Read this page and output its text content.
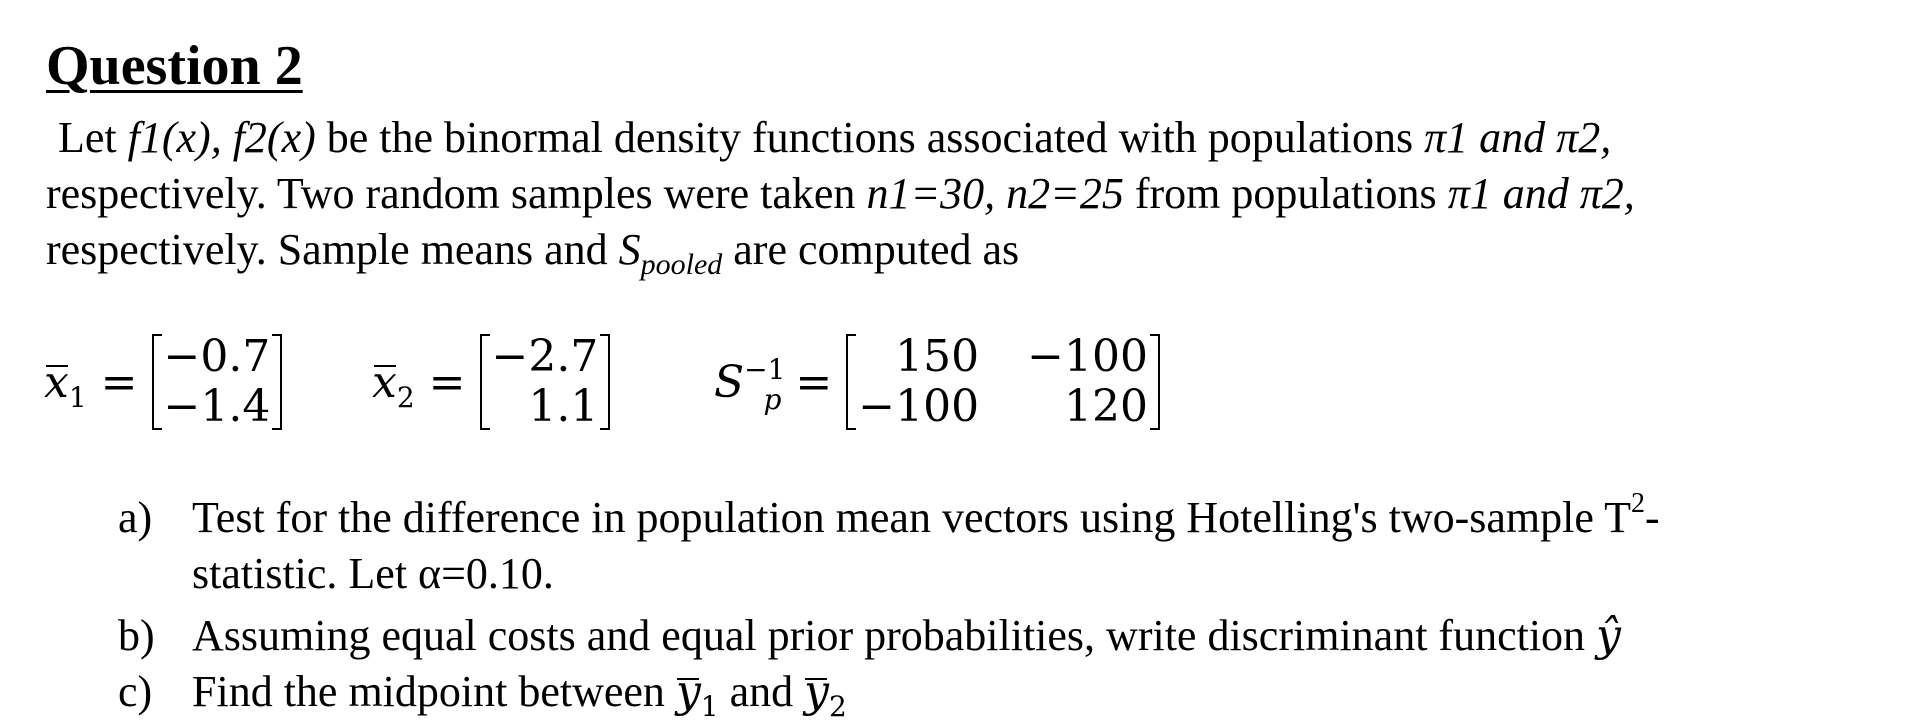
Question 2
Let f1(x), f2(x) be the binormal density functions associated with populations π1 and π2,
respectively. Two random samples were taken n1=30, n2=25 from populations π1 and π2,
respectively. Sample means and $S_{pooled}$ are computed as
$x_1 = -0.7$
−1.4 $x_2 = -2.7$
1.1	$S^{-1}_p = 150$
−100
−100
120
a) Test for the difference in population mean vectors using Hotelling's two-sample $T^2-$
statistic. Let α=0.10.
b) Assuming equal costs and equal prior probabilities, write discriminant function ŷ
c) Find the midpoint between
$y_1$ and
$y_2$
